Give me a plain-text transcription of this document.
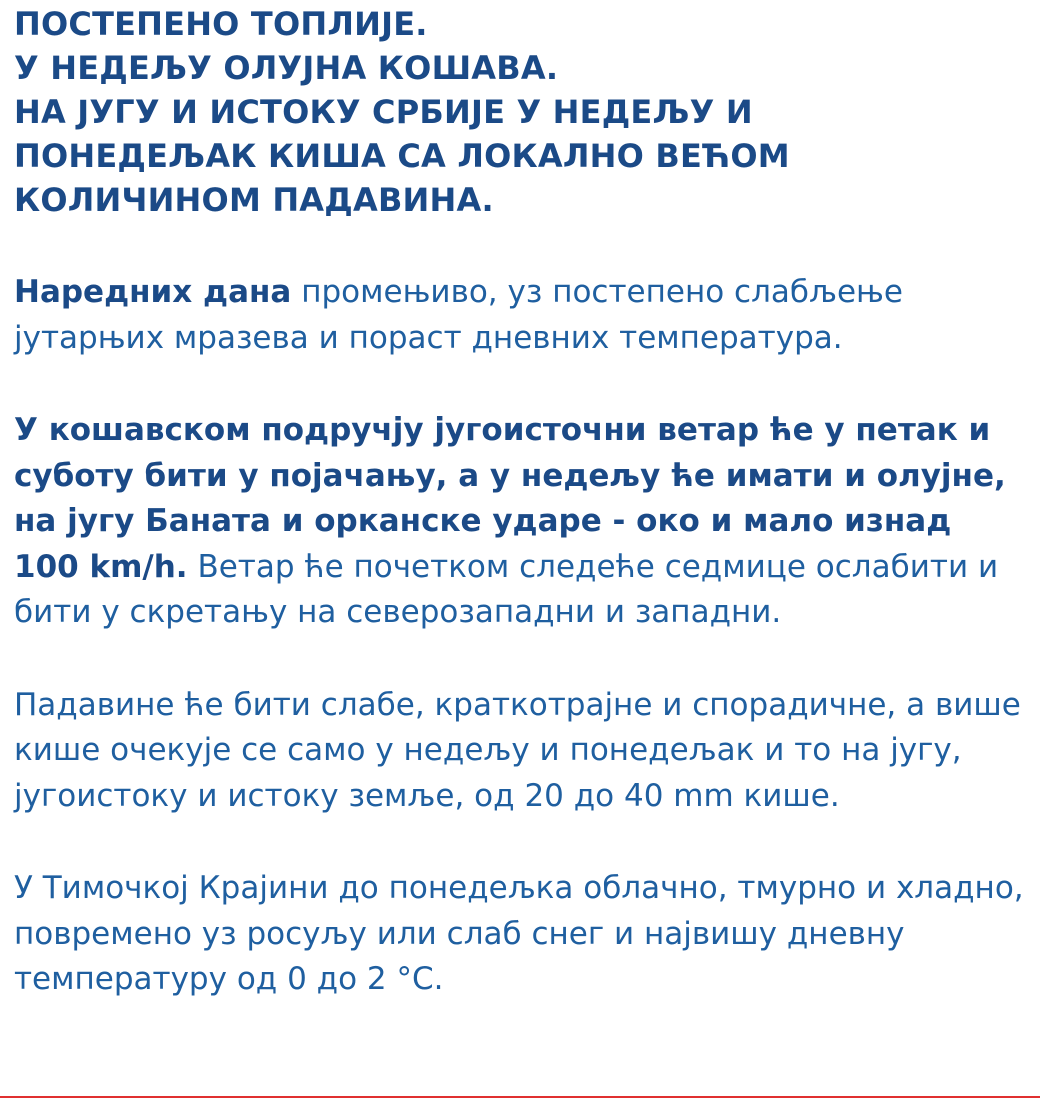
ПОСТЕПЕНО ТОПЛИЈЕ.
У НЕДЕЉУ ОЛУЈНА КОШАВА.
НА ЈУГУ И ИСТОКУ СРБИЈЕ У НЕДЕЉУ И
ПОНЕДЕЉАК КИША СА ЛОКАЛНО ВЕЋОМ
КОЛИЧИНОМ ПАДАВИНА.

Наредних дана промењиво, уз постепено слабљење јутарњих мразева и пораст дневних температура.

У кошавском подручју југоисточни ветар ће у петак и суботу бити у појачању, а у недељу ће имати и олујне, на југу Баната и орканске ударе - око и мало изнад 100 km/h. Ветар ће почетком следеће седмице ослабити и бити у скретању на северозападни и западни.

Падавине ће бити слабе, краткотрајне и спорадичне, а више кише очекује се само у недељу и понедељак и то на југу, југоистоку и истоку земље, од 20 до 40 mm кише.

У Тимочкој Крајини до понедељка облачно, тмурно и хладно, повремено уз росуљу или слаб снег и највишу дневну температуру од 0 до 2 °C.
